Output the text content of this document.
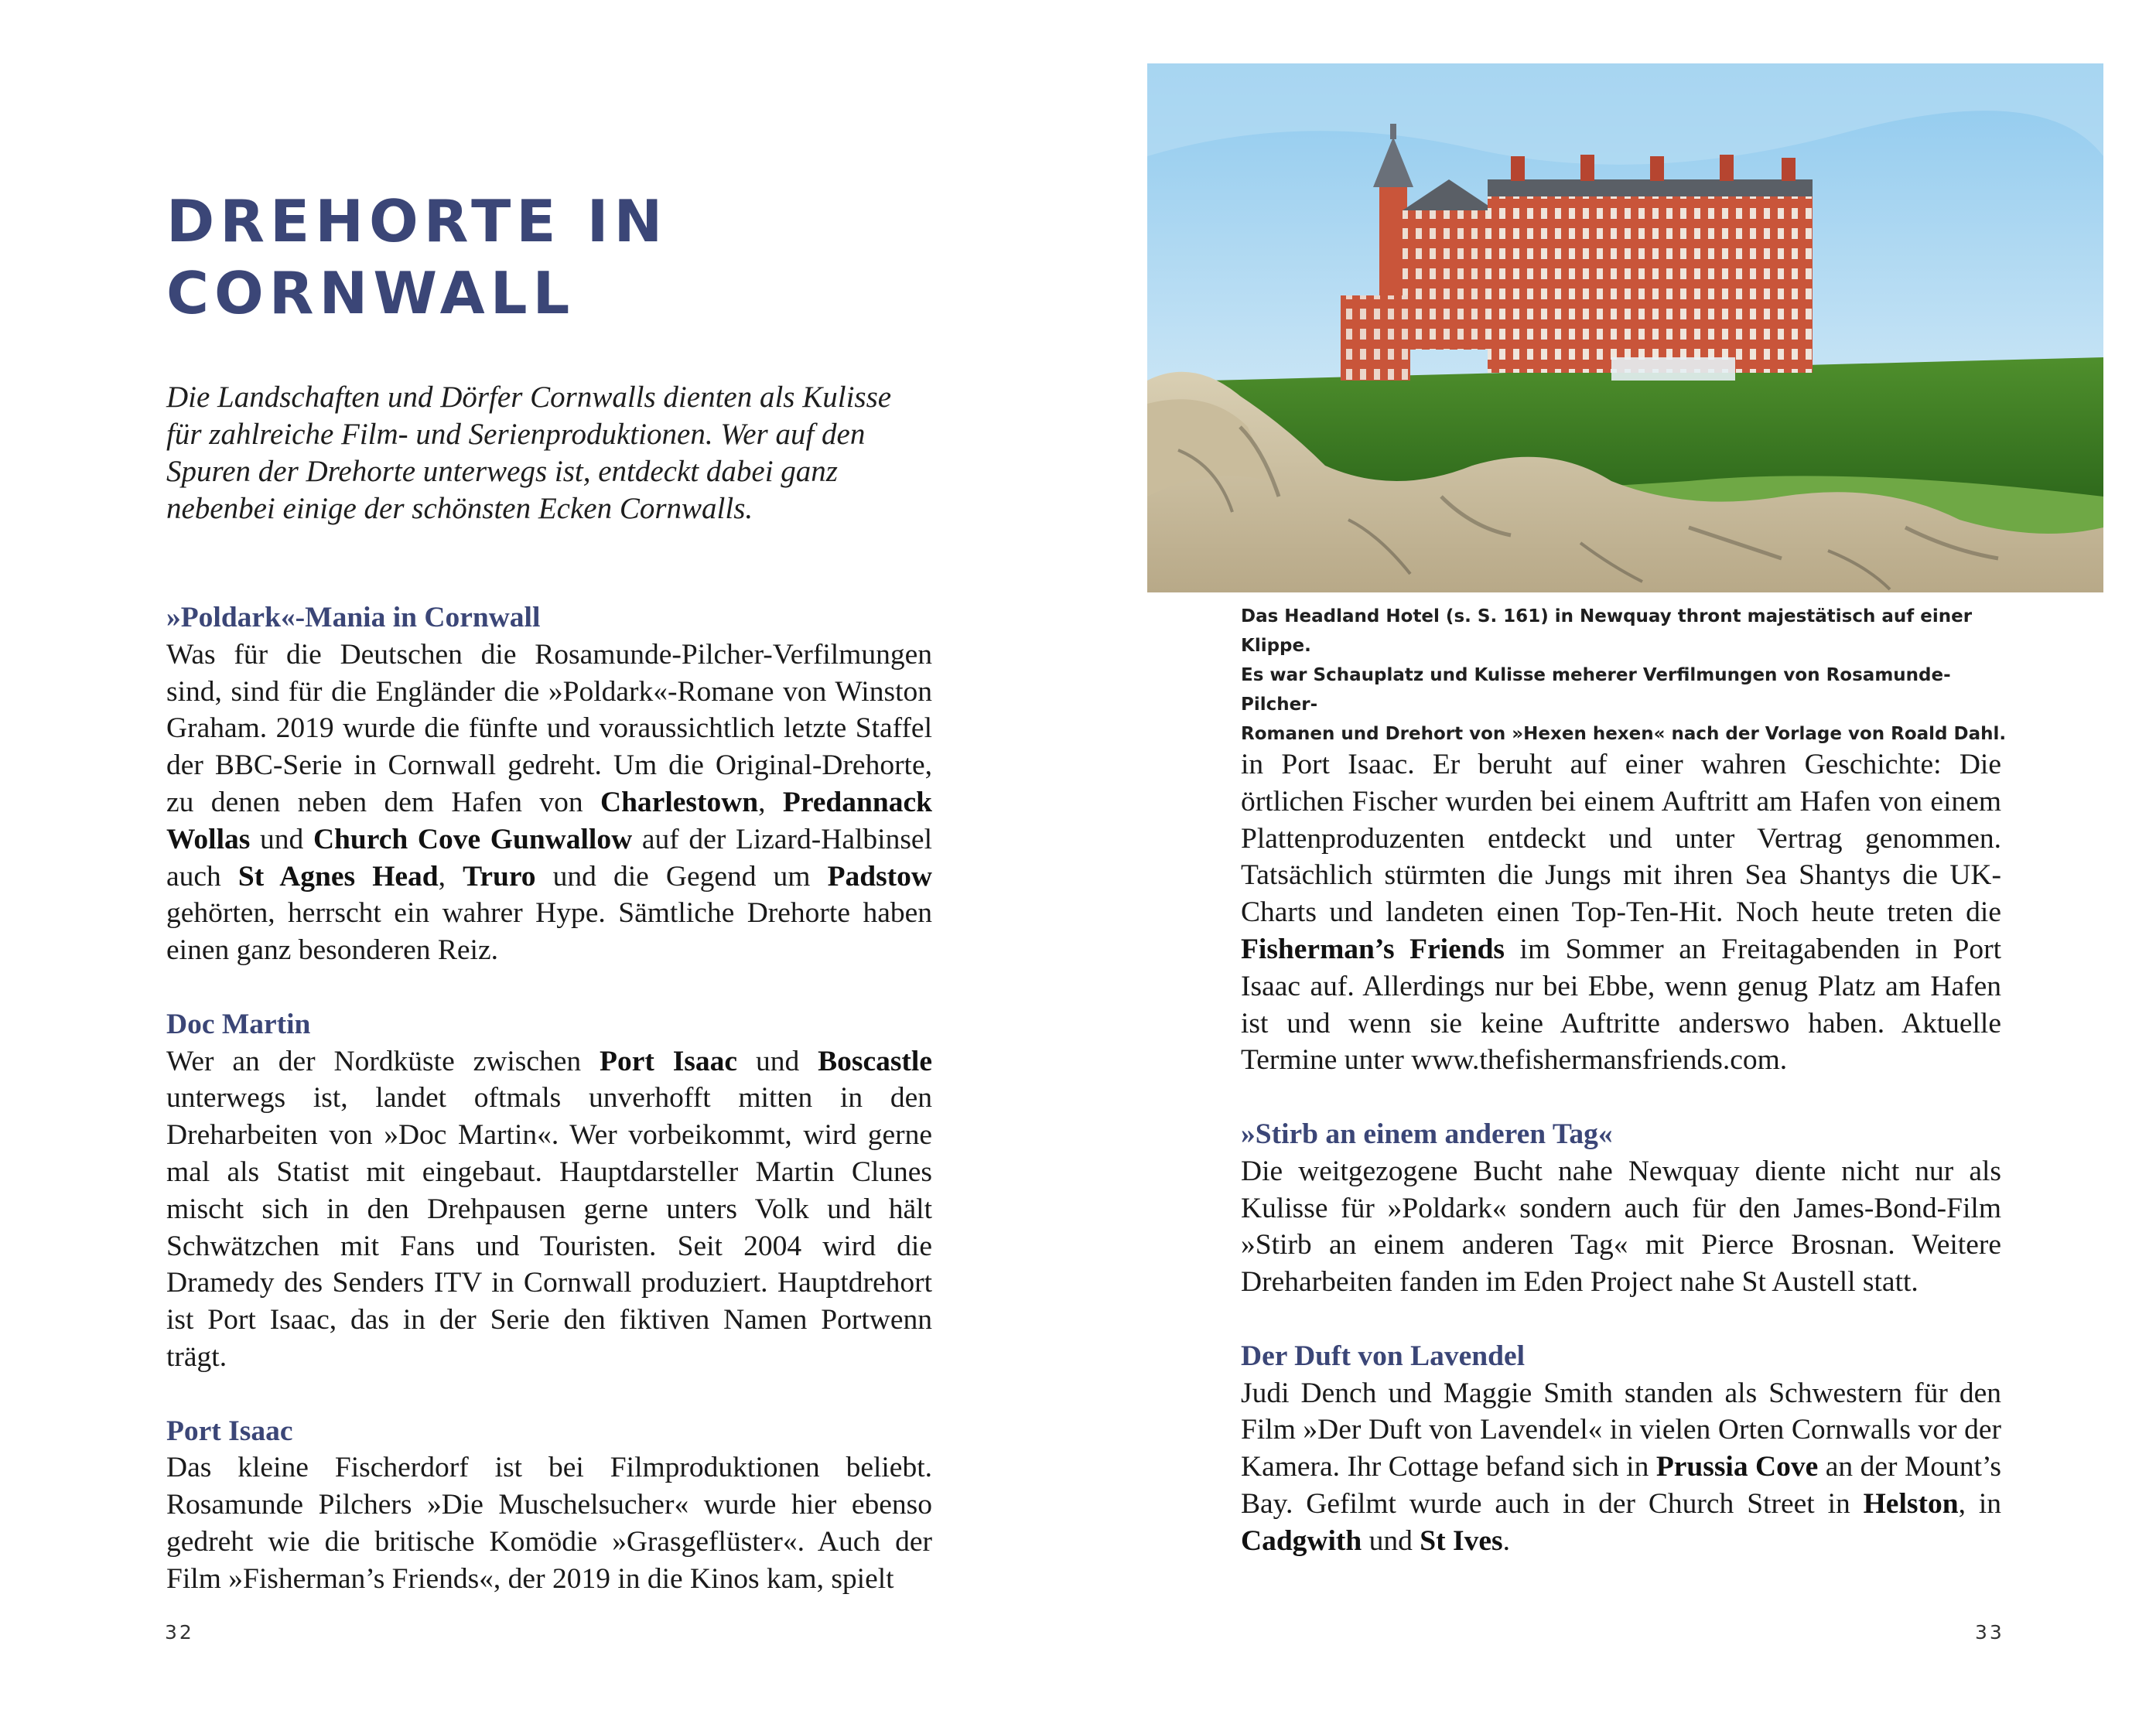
DREHORTE IN
CORNWALL

Die Landschaften und Dörfer Cornwalls dienten als Kulisse für zahlreiche Film- und Serienproduktionen. Wer auf den Spuren der Drehorte unterwegs ist, entdeckt dabei ganz nebenbei einige der schönsten Ecken Cornwalls.

»Poldark«-Mania in Cornwall

Was für die Deutschen die Rosamunde-Pilcher-Verfilmungen sind, sind für die Engländer die »Poldark«-Romane von Winston Graham. 2019 wurde die fünfte und voraussichtlich letzte Staffel der BBC-Serie in Cornwall gedreht. Um die Original-Drehorte, zu denen neben dem Hafen von Charlestown, Predannack Wollas und Church Cove Gunwallow auf der Lizard-Halbinsel auch St Agnes Head, Truro und die Gegend um Padstow gehörten, herrscht ein wahrer Hype. Sämtliche Drehorte haben einen ganz besonderen Reiz.

Doc Martin

Wer an der Nordküste zwischen Port Isaac und Boscastle unterwegs ist, landet oftmals unverhofft mitten in den Dreharbeiten von »Doc Martin«. Wer vorbeikommt, wird gerne mal als Statist mit eingebaut. Hauptdarsteller Martin Clunes mischt sich in den Drehpausen gerne unters Volk und hält Schwätzchen mit Fans und Touristen. Seit 2004 wird die Dramedy des Senders ITV in Cornwall produziert. Hauptdrehort ist Port Isaac, das in der Serie den fiktiven Namen Portwenn trägt.

Port Isaac

Das kleine Fischerdorf ist bei Filmproduktionen beliebt. Rosamunde Pilchers »Die Muschelsucher« wurde hier ebenso gedreht wie die britische Komödie »Grasgeflüster«. Auch der Film »Fisherman’s Friends«, der 2019 in die Kinos kam, spielt

32
Das Headland Hotel (s. S. 161) in Newquay thront majestätisch auf einer Klippe.
Es war Schauplatz und Kulisse meherer Verfilmungen von Rosamunde-Pilcher-
Romanen und Drehort von »Hexen hexen« nach der Vorlage von Roald Dahl.

in Port Isaac. Er beruht auf einer wahren Geschichte: Die örtlichen Fischer wurden bei einem Auftritt am Hafen von einem Plattenproduzenten entdeckt und unter Vertrag genommen. Tatsächlich stürmten die Jungs mit ihren Sea Shantys die UK-Charts und landeten einen Top-Ten-Hit. Noch heute treten die Fisherman’s Friends im Sommer an Freitagabenden in Port Isaac auf. Allerdings nur bei Ebbe, wenn genug Platz am Hafen ist und wenn sie keine Auftritte anderswo haben. Aktuelle Termine unter www.thefishermansfriends.com.

»Stirb an einem anderen Tag«

Die weitgezogene Bucht nahe Newquay diente nicht nur als Kulisse für »Poldark« sondern auch für den James-Bond-Film »Stirb an einem anderen Tag« mit Pierce Brosnan. Weitere Dreharbeiten fanden im Eden Project nahe St Austell statt.

Der Duft von Lavendel

Judi Dench und Maggie Smith standen als Schwestern für den Film »Der Duft von Lavendel« in vielen Orten Cornwalls vor der Kamera. Ihr Cottage befand sich in Prussia Cove an der Mount’s Bay. Gefilmt wurde auch in der Church Street in Helston, in Cadgwith und St Ives.

33
